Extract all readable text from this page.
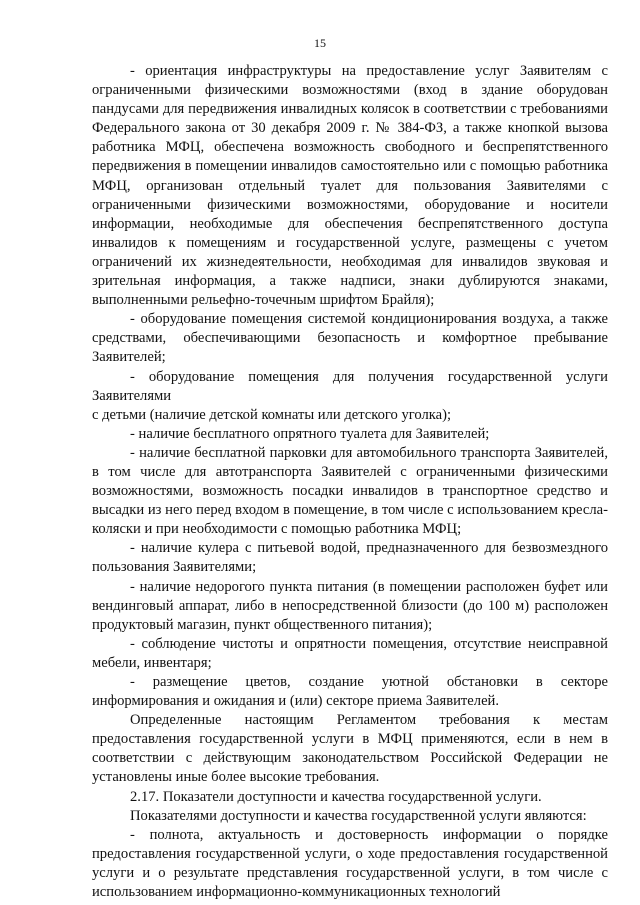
15

- ориентация инфраструктуры на предоставление услуг Заявителям с ограниченными физическими возможностями (вход в здание оборудован пандусами для передвижения инвалидных колясок в соответствии с требованиями Федерального закона от 30 декабря 2009 г. № 384-ФЗ, а также кнопкой вызова работника МФЦ, обеспечена возможность свободного и беспрепятственного передвижения в помещении инвалидов самостоятельно или с помощью работника МФЦ, организован отдельный туалет для пользования Заявителями с ограниченными физическими возможностями, оборудование и носители информации, необходимые для обеспечения беспрепятственного доступа инвалидов к помещениям и государственной услуге, размещены с учетом ограничений их жизнедеятельности, необходимая для инвалидов звуковая и зрительная информация, а также надписи, знаки дублируются знаками, выполненными рельефно-точечным шрифтом Брайля);

- оборудование помещения системой кондиционирования воздуха, а также средствами, обеспечивающими безопасность и комфортное пребывание Заявителей;

- оборудование помещения для получения государственной услуги Заявителями

с детьми (наличие детской комнаты или детского уголка);

- наличие бесплатного опрятного туалета для Заявителей;

- наличие бесплатной парковки для автомобильного транспорта Заявителей, в том числе для автотранспорта Заявителей с ограниченными физическими возможностями, возможность посадки инвалидов в транспортное средство и высадки из него перед входом в помещение, в том числе с использованием кресла-коляски и при необходимости с помощью работника МФЦ;

- наличие кулера с питьевой водой, предназначенного для безвозмездного пользования Заявителями;

- наличие недорогого пункта питания (в помещении расположен буфет или вендинговый аппарат, либо в непосредственной близости (до 100 м) расположен продуктовый магазин, пункт общественного питания);

- соблюдение чистоты и опрятности помещения, отсутствие неисправной мебели, инвентаря;

- размещение цветов, создание уютной обстановки в секторе информирования и ожидания и (или) секторе приема Заявителей.

Определенные настоящим Регламентом требования к местам предоставления государственной услуги в МФЦ применяются, если в нем в соответствии с действующим законодательством Российской Федерации не установлены иные более высокие требования.

2.17. Показатели доступности и качества государственной услуги.

Показателями доступности и качества государственной услуги являются:

- полнота, актуальность и достоверность информации о порядке предоставления государственной услуги, о ходе предоставления государственной услуги и о результате представления государственной услуги, в том числе с использованием информационно-коммуникационных технологий
